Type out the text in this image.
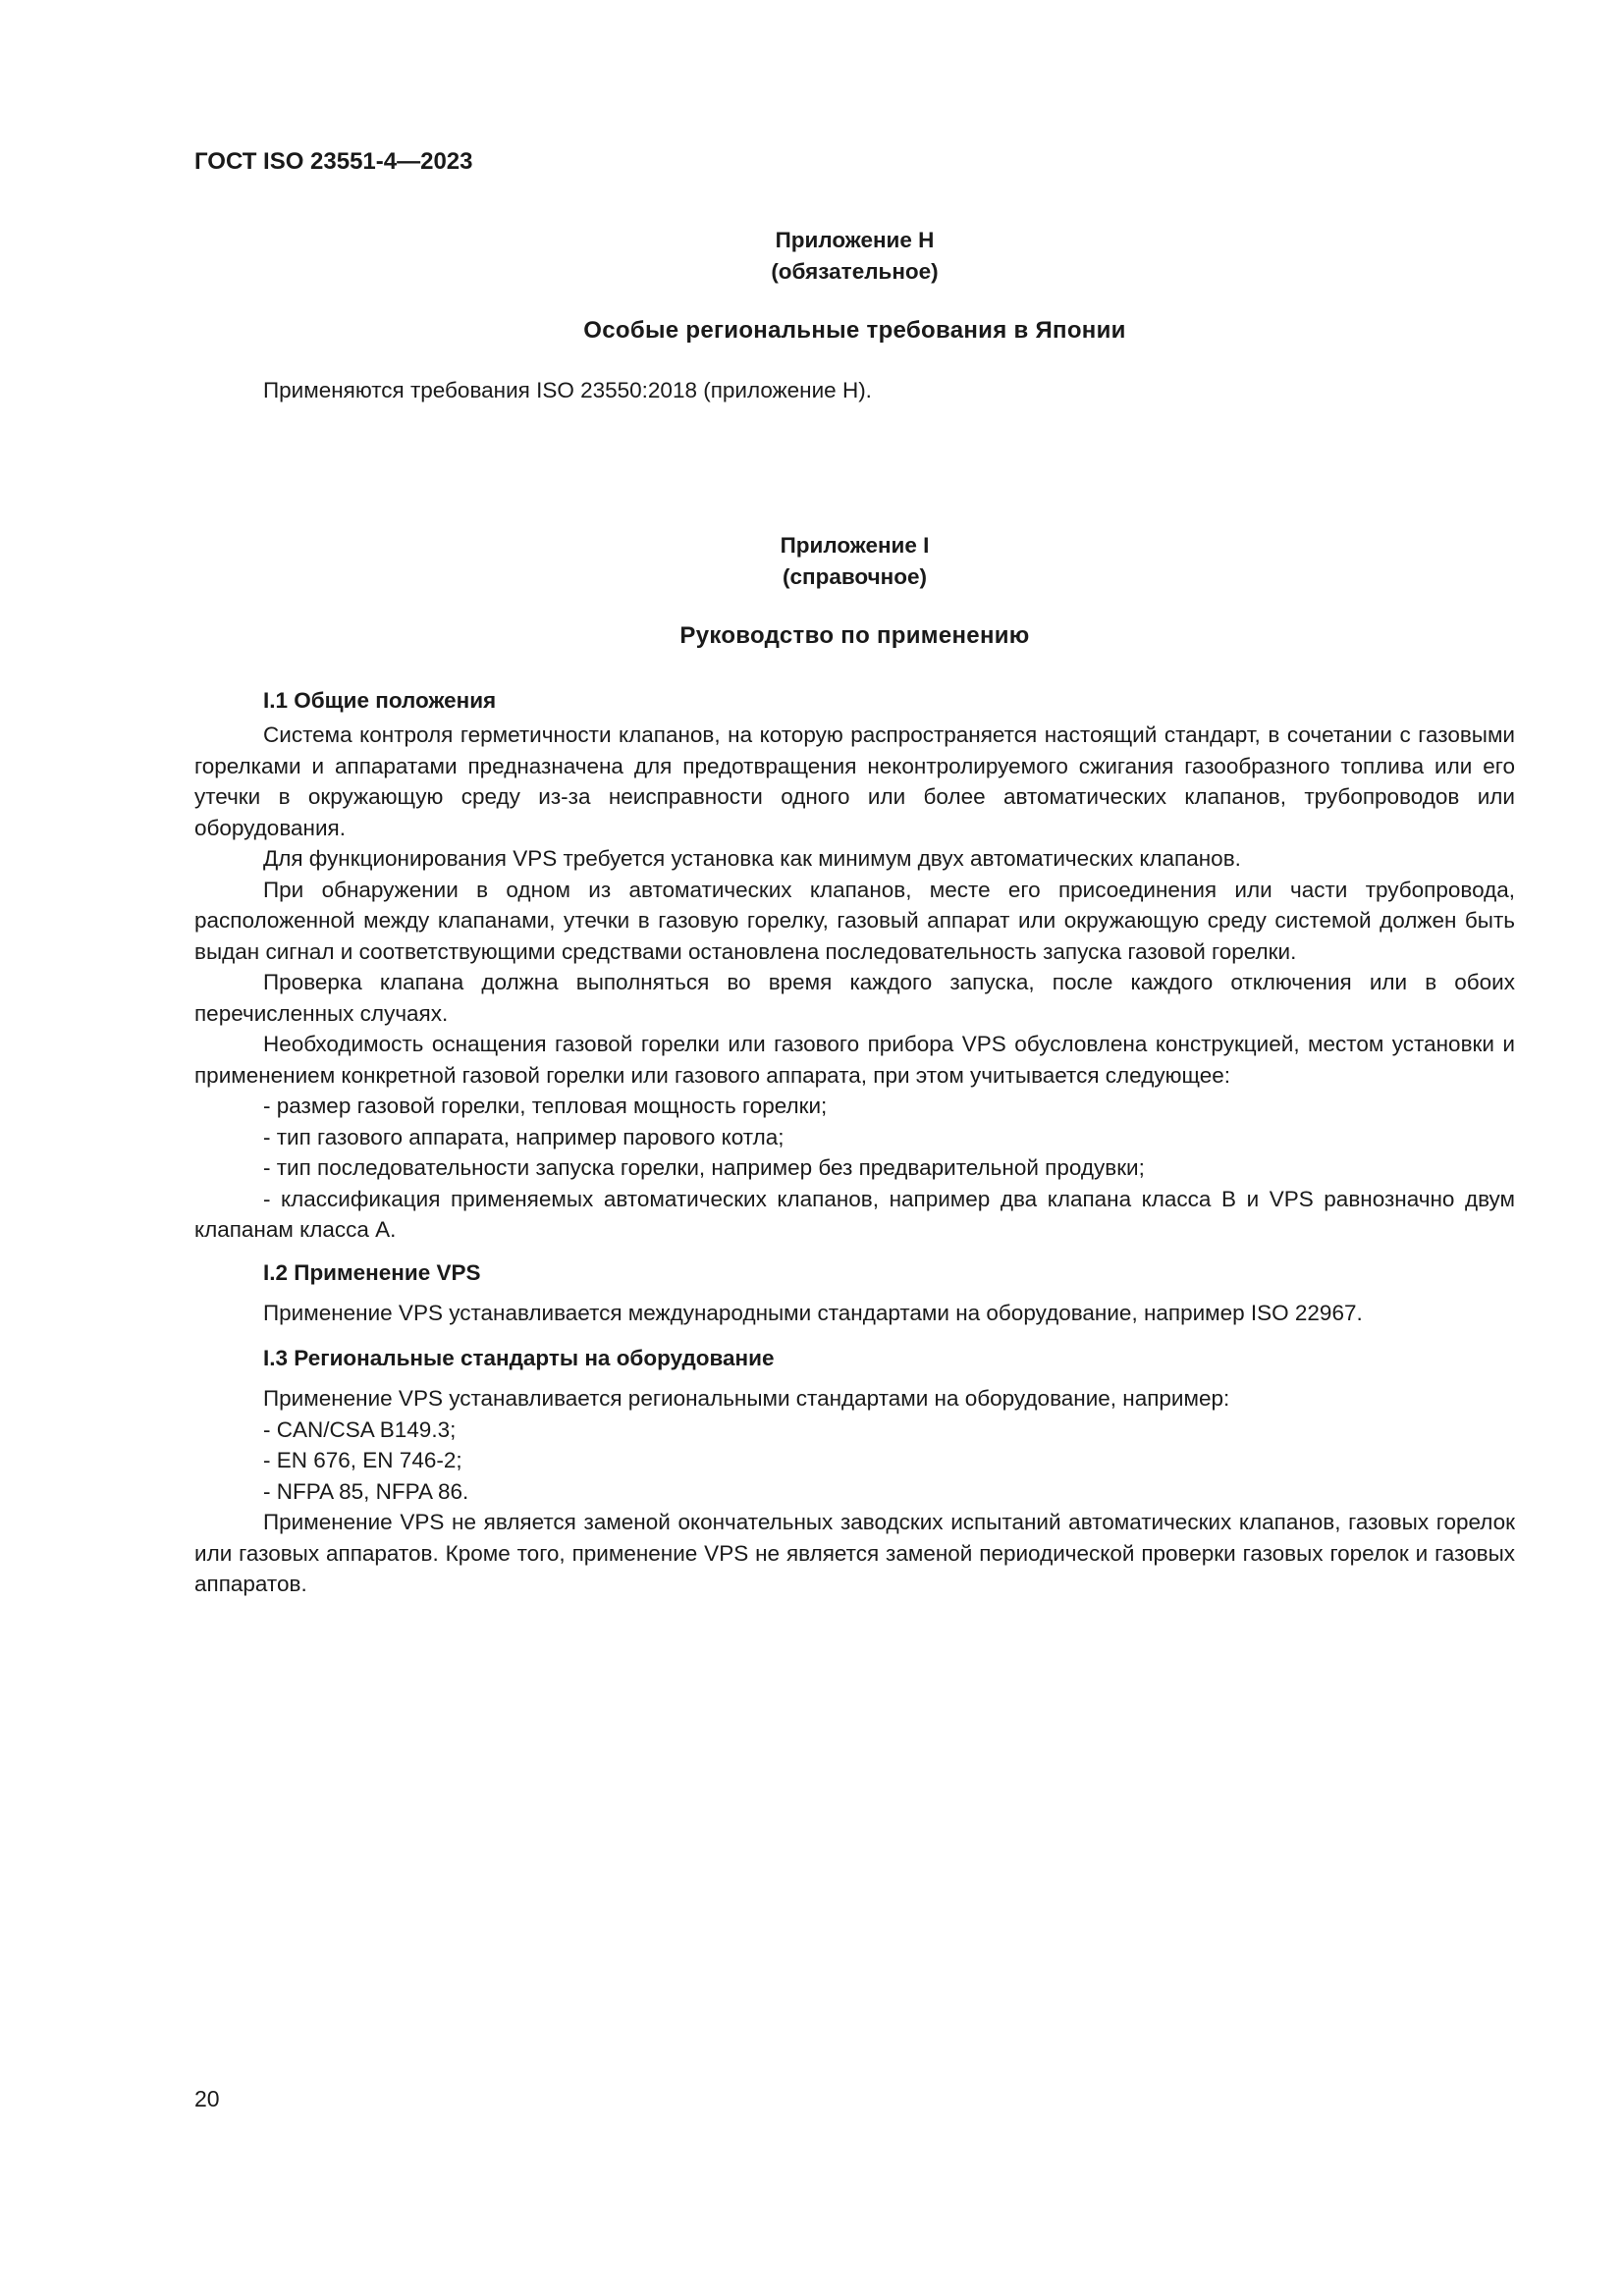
ГОСТ ISO 23551-4—2023

Приложение Н

(обязательное)

Особые региональные требования в Японии

Применяются требования ISO 23550:2018 (приложение Н).

Приложение I

(справочное)

Руководство по применению

I.1 Общие положения

Система контроля герметичности клапанов, на которую распространяется настоящий стандарт, в сочетании с газовыми горелками и аппаратами предназначена для предотвращения неконтролируемого сжигания газообразного топлива или его утечки в окружающую среду из-за неисправности одного или более автоматических клапанов, трубопроводов или оборудования.

Для функционирования VPS требуется установка как минимум двух автоматических клапанов.

При обнаружении в одном из автоматических клапанов, месте его присоединения или части трубопровода, расположенной между клапанами, утечки в газовую горелку, газовый аппарат или окружающую среду системой должен быть выдан сигнал и соответствующими средствами остановлена последовательность запуска газовой горелки.

Проверка клапана должна выполняться во время каждого запуска, после каждого отключения или в обоих перечисленных случаях.

Необходимость оснащения газовой горелки или газового прибора VPS обусловлена конструкцией, местом установки и применением конкретной газовой горелки или газового аппарата, при этом учитывается следующее:

- размер газовой горелки, тепловая мощность горелки;

- тип газового аппарата, например парового котла;

- тип последовательности запуска горелки, например без предварительной продувки;

- классификация применяемых автоматических клапанов, например два клапана класса В и VPS равнозначно двум клапанам класса А.

I.2 Применение VPS

Применение VPS устанавливается международными стандартами на оборудование, например ISO 22967.

I.3 Региональные стандарты на оборудование

Применение VPS устанавливается региональными стандартами на оборудование, например:

- CAN/CSA B149.3;

- EN 676, EN 746-2;

- NFPA 85, NFPA 86.

Применение VPS не является заменой окончательных заводских испытаний автоматических клапанов, газовых горелок или газовых аппаратов. Кроме того, применение VPS не является заменой периодической проверки газовых горелок и газовых аппаратов.

20
